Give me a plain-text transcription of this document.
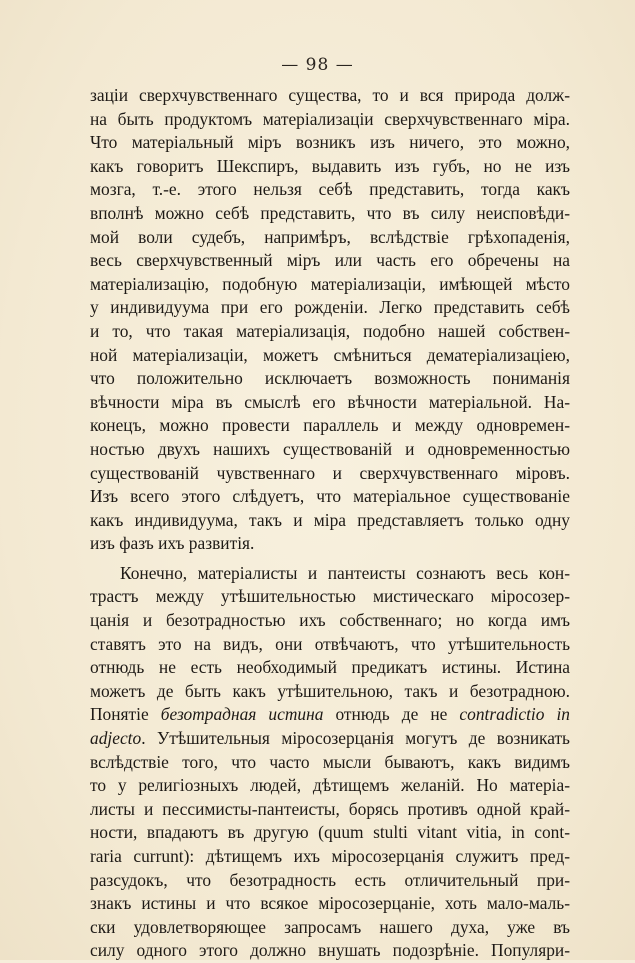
— 98 —
заціи сверхчувственнаго существа, то и вся природа долж-
на быть продуктомъ матеріализаціи сверхчувственнаго міра.
Что матеріальный міръ возникъ изъ ничего, это можно,
какъ говоритъ Шекспиръ, выдавить изъ губъ, но не изъ
мозга, т.-е. этого нельзя себѣ представить, тогда какъ
вполнѣ можно себѣ представить, что въ силу неисповѣди-
мой воли судебъ, напримѣръ, вслѣдствіе грѣхопаденія,
весь сверхчувственный міръ или часть его обречены на
матеріализацію, подобную матеріализаціи, имѣющей мѣсто
у индивидуума при его рожденіи. Легко представить себѣ
и то, что такая матеріализація, подобно нашей собствен-
ной матеріализаціи, можетъ смѣниться дематеріализаціею,
что положительно исключаетъ возможность пониманія
вѣчности міра въ смыслѣ его вѣчности матеріальной. На-
конецъ, можно провести параллель и между одновремен-
ностью двухъ нашихъ существованій и одновременностью
существованій чувственнаго и сверхчувственнаго міровъ.
Изъ всего этого слѣдуетъ, что матеріальное существованіе
какъ индивидуума, такъ и міра представляетъ только одну
изъ фазъ ихъ развитія.
Конечно, матеріалисты и пантеисты сознаютъ весь кон-
трастъ между утѣшительностью мистическаго міросозер-
цанія и безотрадностью ихъ собственнаго; но когда имъ
ставятъ это на видъ, они отвѣчаютъ, что утѣшительность
отнюдь не есть необходимый предикатъ истины. Истина
можетъ де быть какъ утѣшительною, такъ и безотрадною.
Понятіе безотрадная истина отнюдь де не contradictio in
adjecto. Утѣшительныя міросозерцанія могутъ де возникать
вслѣдствіе того, что часто мысли бываютъ, какъ видимъ
то у религіозныхъ людей, дѣтищемъ желаній. Но матеріа-
листы и пессимисты-пантеисты, борясь противъ одной край-
ности, впадаютъ въ другую (quum stulti vitant vitia, in cont-
raria currunt): дѣтищемъ ихъ міросозерцанія служитъ пред-
разсудокъ, что безотрадность есть отличительный при-
знакъ истины и что всякое міросозерцаніе, хоть мало-маль-
ски удовлетворяющее запросамъ нашего духа, уже въ
силу одного этого должно внушать подозрѣніе. Популяри-
